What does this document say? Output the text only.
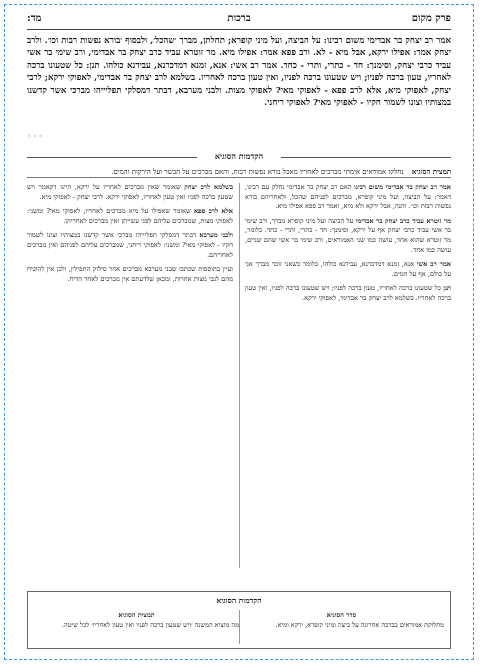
פרק מקום
ברכות
מד:
אמר רב יצחק בר אבדימי משום רבינו: על הביצה, ועל מיני קופרא; תחלתן, מברך ׳שהכל׳, ולבסוף ׳בורא נפשות רבות וכו׳. ולרב יצחק אמר: אפילו ירקא, אבל מיא - לא. ורב פפא אמר: אפילו מיא. מר זוטרא עביד כרב יצחק בר אבדימי, ורב שימי בר אשי עביד כרבי יצחק, וסימנך: חד - כתרי, ותרי - כחד. אמר רב אשי: אנא, זמנא דמדכרנא, עבידנא כולהו. תנן: כל שטעונו ברכה לאחריו, טעון ברכה לפניו; ויש שטעונו ברכה לפניו, ואין טעון ברכה לאחריו. בשלמא לרב יצחק בר אבדימי, לאפוקי ירקא; לרבי יצחק, לאפוקי מיא, אלא לרב פפא - לאפוקי מאי? לאפוקי מצות. ולבני מערבא, דבתר דמסלקי תפליייהו מברכי אשר קדשנו במצותיו וצונו לשמור חקיו - לאפוקי מאי? לאפוקי ריחני.
◦◦◦
הקדמות הסוגיא
תמצית הסוגיא נחלקו אמוראים אימתי מברכים לאחריו מאכל בורא נפשות רבות, והאם מברכים על הבשר ועל הירקות והמים.

אמר רב יצחק בר אבדימי משום רבינו האם רב יצחק בר אבדימי נחלק עם רבינו, דאמר: על הביצה, ועל מיני קופרא, מברכים לפניהם שהכל, ולאחריהם בורא נפשות רבות וכו׳. והנה, אבל ירקא ולא מיא, ואמר רב פפא אפילו מיא.

מר זוטרא עביד כרב יצחק בר אבדימי על הביצה ועל מיני קופרא מברך, ורב שימי בר אשי עביד כרבי יצחק אף על ירקא, וסימנך: חד - כתרי, ותרי - כחד. כלומר, מר זוטרא שהוא אחד, עושה כמו שני האמוראים, ורב שימי בר אשי שהם שניים, עושה כמו אחד.

אמר רב אשי אנא, זמנא דמדכרנא, עבידנא כולהו, כלומר כשאני זוכר מברך אני על כולם, אף על המים.

תנן כל שטעונו ברכה לאחריו, טעון ברכה לפניו; ויש שטעונו ברכה לפניו, ואין טעון ברכה לאחריו. בשלמא לרב יצחק בר אבדימי, לאפוקי ירקא.

בשלמא לרב יצחק שאומר שאין מברכים לאחריו על ירקא, היינו דקאמר ויש שטעון ברכה לפניו ואין טעון לאחריו, לאפוקי ירקא. לרבי יצחק - לאפוקי מיא.

אלא לרב פפא שאומר שאפילו על מיא מברכים לאחריו, לאפוקי מאי? ומשני: לאפוקי מצות, שמברכים עליהם לפני עשייתן ואין מברכים לאחריהן.

ולבני מערבא דבתר דמסלקי תפליייהו מברכי אשר קדשנו במצותיו וצונו לשמור חקיו - לאפוקי מאי? ומשני: לאפוקי ריחני, שמברכים עליהם לפניהם ואין מברכים לאחריהם.

ועיין בתוספות שכתבו שבני מערבא מברכים אחר סילוק התפילין, ולכן אין להוכיח מהם לגבי מצות אחרות, ומכאן שלדעתם אין מברכים לאחר הריח.

הקדמות הסוגיא
סדר הסוגיא
מחלוקת אמוראים בברכה אחרונה על ביצה ומיני קופרא, ירקא ומיא.
תמצית הסוגיא
מה מוציא המשנה ׳ויש שטעון ברכה לפניו ואין טעון לאחריו׳ לכל שיטה.
